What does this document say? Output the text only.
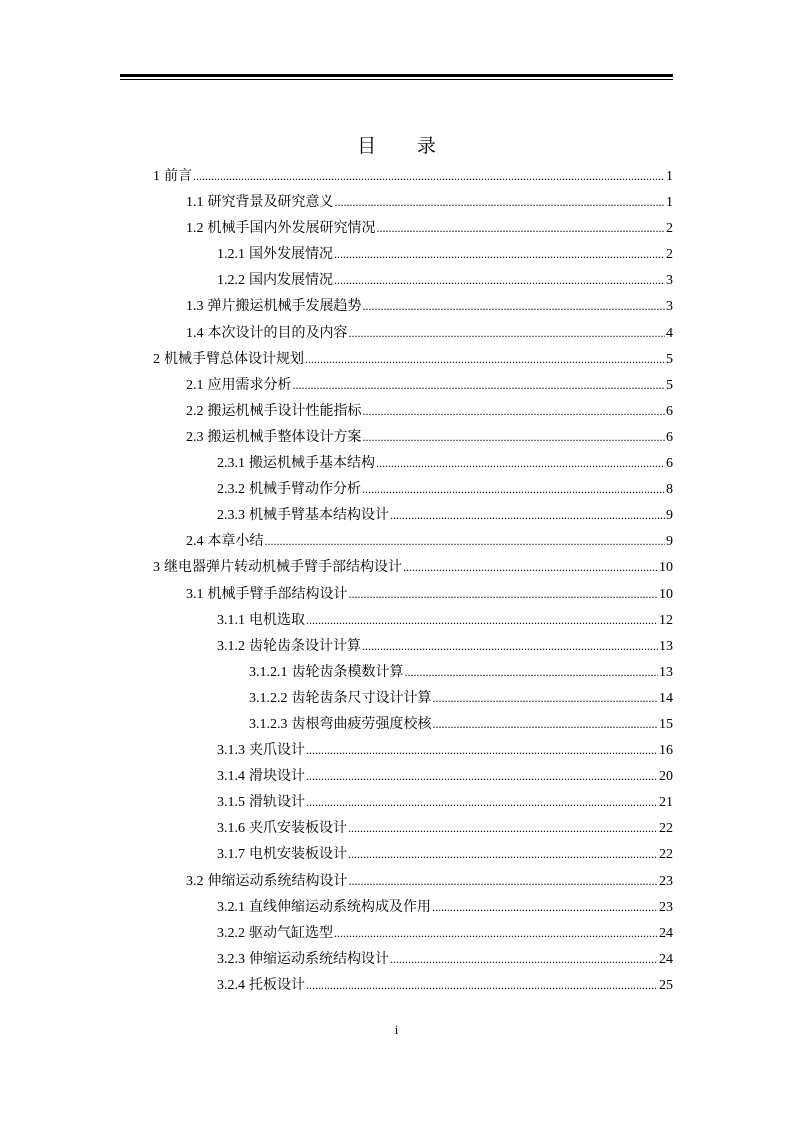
目 录
1 前言 .....	1
1.1 研究背景及研究意义 .....	1
1.2 机械手国内外发展研究情况 .....	2
1.2.1 国外发展情况 .....	2
1.2.2 国内发展情况 .....	3
1.3 弹片搬运机械手发展趋势 .....	3
1.4 本次设计的目的及内容 .....	4
2 机械手臂总体设计规划 .....	5
2.1 应用需求分析 .....	5
2.2 搬运机械手设计性能指标 .....	6
2.3 搬运机械手整体设计方案 .....	6
2.3.1 搬运机械手基本结构 .....	6
2.3.2 机械手臂动作分析 .....	8
2.3.3 机械手臂基本结构设计 .....	9
2.4 本章小结 .....	9
3 继电器弹片转动机械手臂手部结构设计 .....	10
3.1 机械手臂手部结构设计 .....	10
3.1.1 电机选取 .....	12
3.1.2 齿轮齿条设计计算 .....	13
3.1.2.1 齿轮齿条模数计算 .....	13
3.1.2.2 齿轮齿条尺寸设计计算 .....	14
3.1.2.3 齿根弯曲疲劳强度校核 .....	15
3.1.3 夹爪设计 .....	16
3.1.4 滑块设计 .....	20
3.1.5 滑轨设计 .....	21
3.1.6 夹爪安装板设计 .....	22
3.1.7 电机安装板设计 .....	22
3.2 伸缩运动系统结构设计 .....	23
3.2.1 直线伸缩运动系统构成及作用 .....	23
3.2.2 驱动气缸选型 .....	24
3.2.3 伸缩运动系统结构设计 .....	24
3.2.4 托板设计 .....	25
i
